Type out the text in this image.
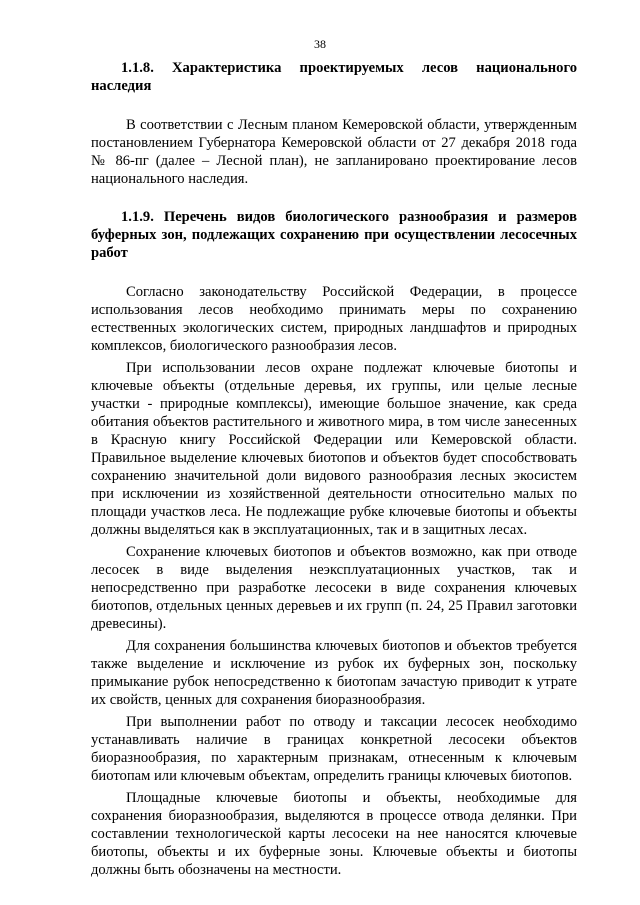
38

1.1.8. Характеристика проектируемых лесов национального наследия

В соответствии с Лесным планом Кемеровской области, утвержденным постановлением Губернатора Кемеровской области от 27 декабря 2018 года № 86-пг (далее – Лесной план), не запланировано проектирование лесов национального наследия.

1.1.9. Перечень видов биологического разнообразия и размеров буферных зон, подлежащих сохранению при осуществлении лесосечных работ

Согласно законодательству Российской Федерации, в процессе использования лесов необходимо принимать меры по сохранению естественных экологических систем, природных ландшафтов и природных комплексов, биологического разнообразия лесов.

При использовании лесов охране подлежат ключевые биотопы и ключевые объекты (отдельные деревья, их группы, или целые лесные участки - природные комплексы), имеющие большое значение, как среда обитания объектов растительного и животного мира, в том числе занесенных в Красную книгу Российской Федерации или Кемеровской области. Правильное выделение ключевых биотопов и объектов будет способствовать сохранению значительной доли видового разнообразия лесных экосистем при исключении из хозяйственной деятельности относительно малых по площади участков леса. Не подлежащие рубке ключевые биотопы и объекты должны выделяться как в эксплуатационных, так и в защитных лесах.

Сохранение ключевых биотопов и объектов возможно, как при отводе лесосек в виде выделения неэксплуатационных участков, так и непосредственно при разработке лесосеки в виде сохранения ключевых биотопов, отдельных ценных деревьев и их групп (п. 24, 25 Правил заготовки древесины).

Для сохранения большинства ключевых биотопов и объектов требуется также выделение и исключение из рубок их буферных зон, поскольку примыкание рубок непосредственно к биотопам зачастую приводит к утрате их свойств, ценных для сохранения биоразнообразия.

При выполнении работ по отводу и таксации лесосек необходимо устанавливать наличие в границах конкретной лесосеки объектов биоразнообразия, по характерным признакам, отнесенным к ключевым биотопам или ключевым объектам, определить границы ключевых биотопов.

Площадные ключевые биотопы и объекты, необходимые для сохранения биоразнообразия, выделяются в процессе отвода делянки. При составлении технологической карты лесосеки на нее наносятся ключевые биотопы, объекты и их буферные зоны. Ключевые объекты и биотопы должны быть обозначены на местности.
